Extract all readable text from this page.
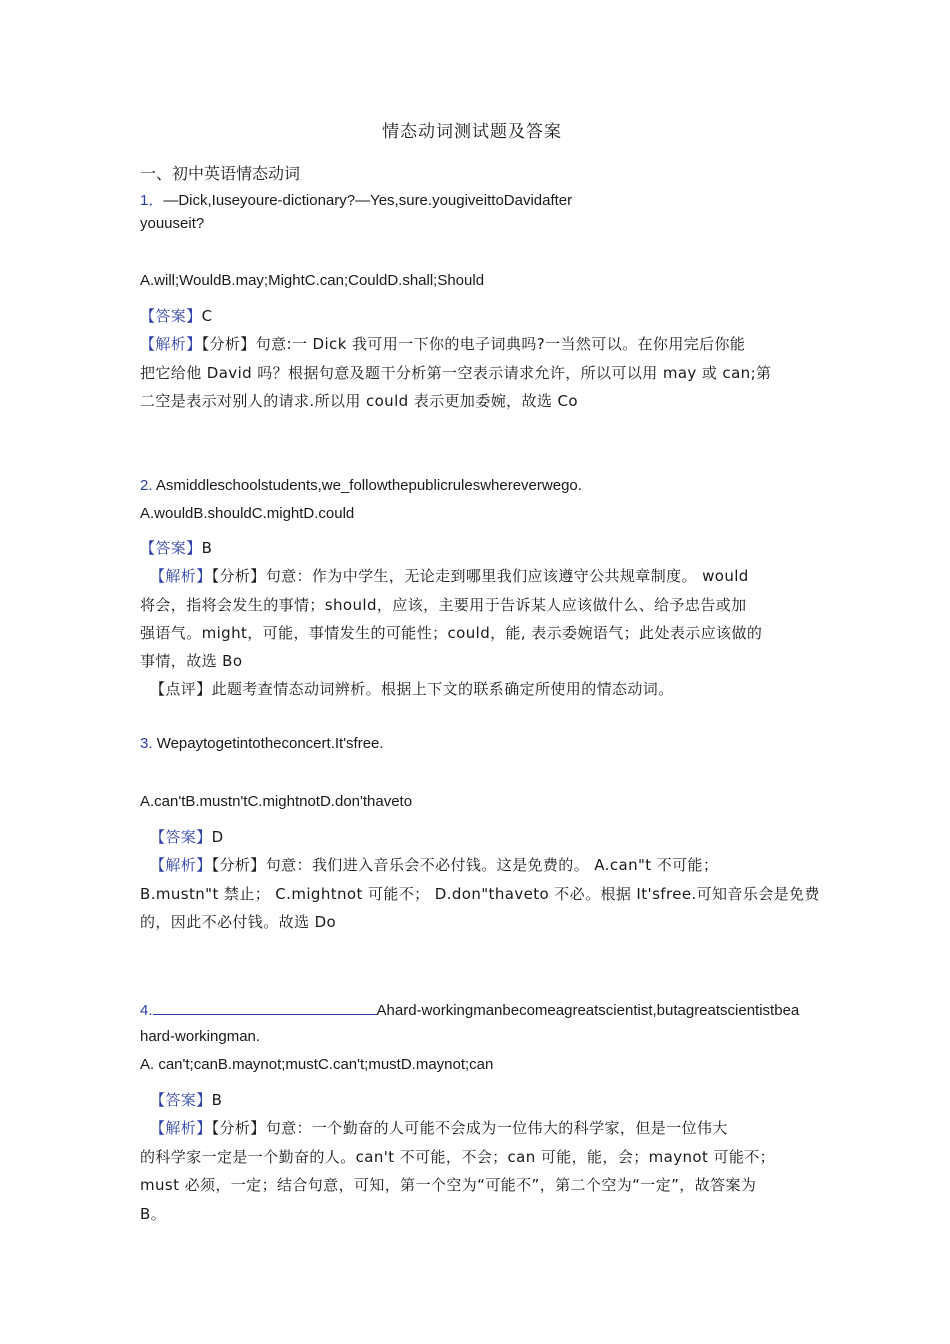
情态动词测试题及答案
一、初中英语情态动词
1．—Dick,Iuseyoure-dictionary?—Yes,sure.yougiveittoDavidafter
youuseit?
A.will;WouldB.may;MightC.can;CouldD.shall;Should
【答案】C
【解析】【分析】句意:一 Dick 我可用一下你的电子词典吗?一当然可以。在你用完后你能
把它给他 David 吗？根据句意及题干分析第一空表示请求允许，所以可以用 may 或 can;第
二空是表示对别人的请求.所以用 could 表示更加委婉，故选 Co
2. Asmiddleschoolstudents,we_followthepublicruleswhereverwego.
A.wouldB.shouldC.mightD.could
【答案】B
【解析】【分析】句意：作为中学生，无论走到哪里我们应该遵守公共规章制度。 would
将会，指将会发生的事情；should，应该，主要用于告诉某人应该做什么、给予忠告或加
强语气。might，可能，事情发生的可能性；could，能, 表示委婉语气；此处表示应该做的
事情，故选 Bo
【点评】此题考查情态动词辨析。根据上下文的联系确定所使用的情态动词。
3. Wepaytogetintotheconcert.It'sfree.
A.can'tB.mustn'tC.mightnotD.don'thaveto
【答案】D
【解析】【分析】句意：我们进入音乐会不必付钱。这是免费的。 A.can"t 不可能；
B.mustn"t 禁止； C.mightnot 可能不； D.don"thaveto 不必。根据 It'sfree.可知音乐会是免费
的，因此不必付钱。故选 Do
4.	Ahard-workingmanbecomeagreatscientist,butagreatscientistbea
hard-workingman.
A. can't;canB.maynot;mustC.can't;mustD.maynot;can
【答案】B
【解析】【分析】句意：一个勤奋的人可能不会成为一位伟大的科学家，但是一位伟大
的科学家一定是一个勤奋的人。can't 不可能，不会；can 可能，能，会；maynot 可能不；
must 必须，一定；结合句意，可知，第一个空为“可能不”，第二个空为“一定”，故答案为
B。
